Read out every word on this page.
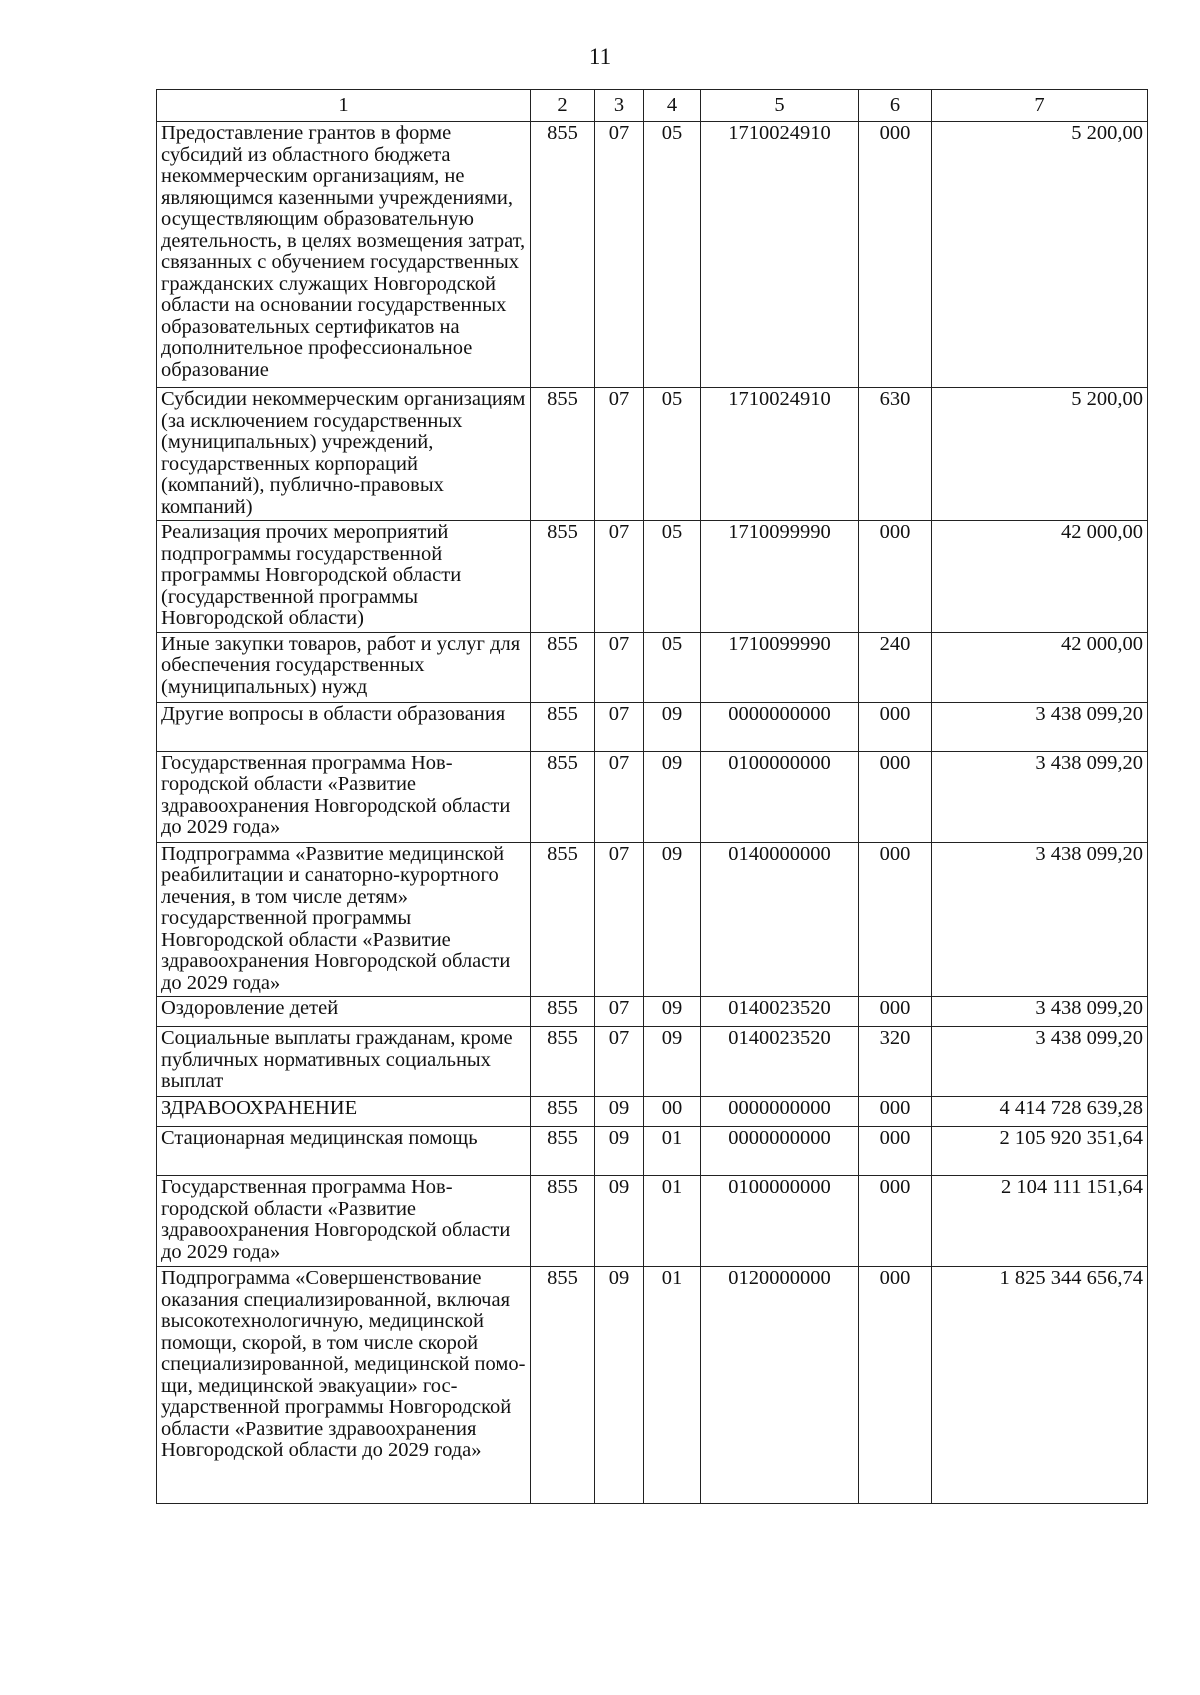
11
1	2	3	4	5	6	7
Предоставление грантов в форме субсидий из областного бюджета некоммерческим организациям, не являющимся казенными учреждениями, осуществляющим образовательную деятельность, в целях возмещения затрат, связанных с обучением государственных гражданских служащих Новгородской области на основании государственных образовательных сертификатов на дополнительное профессиональное образование	855	07	05	1710024910	000	5 200,00
Субсидии некоммерческим организациям (за исключением государственных (муниципальных) учреждений, государственных корпораций (компаний), публично-правовых компаний)	855	07	05	1710024910	630	5 200,00
Реализация прочих мероприятий подпрограммы государственной программы Новгородской области (государственной программы Новгородской области)	855	07	05	1710099990	000	42 000,00
Иные закупки товаров, работ и услуг для обеспечения государственных (муниципальных) нужд	855	07	05	1710099990	240	42 000,00
Другие вопросы в области образования	855	07	09	0000000000	000	3 438 099,20
Государственная программа Новгородской области «Развитие здравоохранения Новгородской области до 2029 года»	855	07	09	0100000000	000	3 438 099,20
Подпрограмма «Развитие медицинской реабилитации и санаторно-курортного лечения, в том числе детям» государственной программы Новгородской области «Развитие здравоохранения Новгородской области до 2029 года»	855	07	09	0140000000	000	3 438 099,20
Оздоровление детей	855	07	09	0140023520	000	3 438 099,20
Социальные выплаты гражданам, кроме публичных нормативных социальных выплат	855	07	09	0140023520	320	3 438 099,20
ЗДРАВООХРАНЕНИЕ	855	09	00	0000000000	000	4 414 728 639,28
Стационарная медицинская помощь	855	09	01	0000000000	000	2 105 920 351,64
Государственная программа Новгородской области «Развитие здравоохранения Новгородской области до 2029 года»	855	09	01	0100000000	000	2 104 111 151,64
Подпрограмма «Совершенствование оказания специализированной, включая высокотехнологичную, медицинской помощи, скорой, в том числе скорой специализированной, медицинской помощи, медицинской эвакуации» государственной программы Новгородской области «Развитие здравоохранения Новгородской области до 2029 года»	855	09	01	0120000000	000	1 825 344 656,74
